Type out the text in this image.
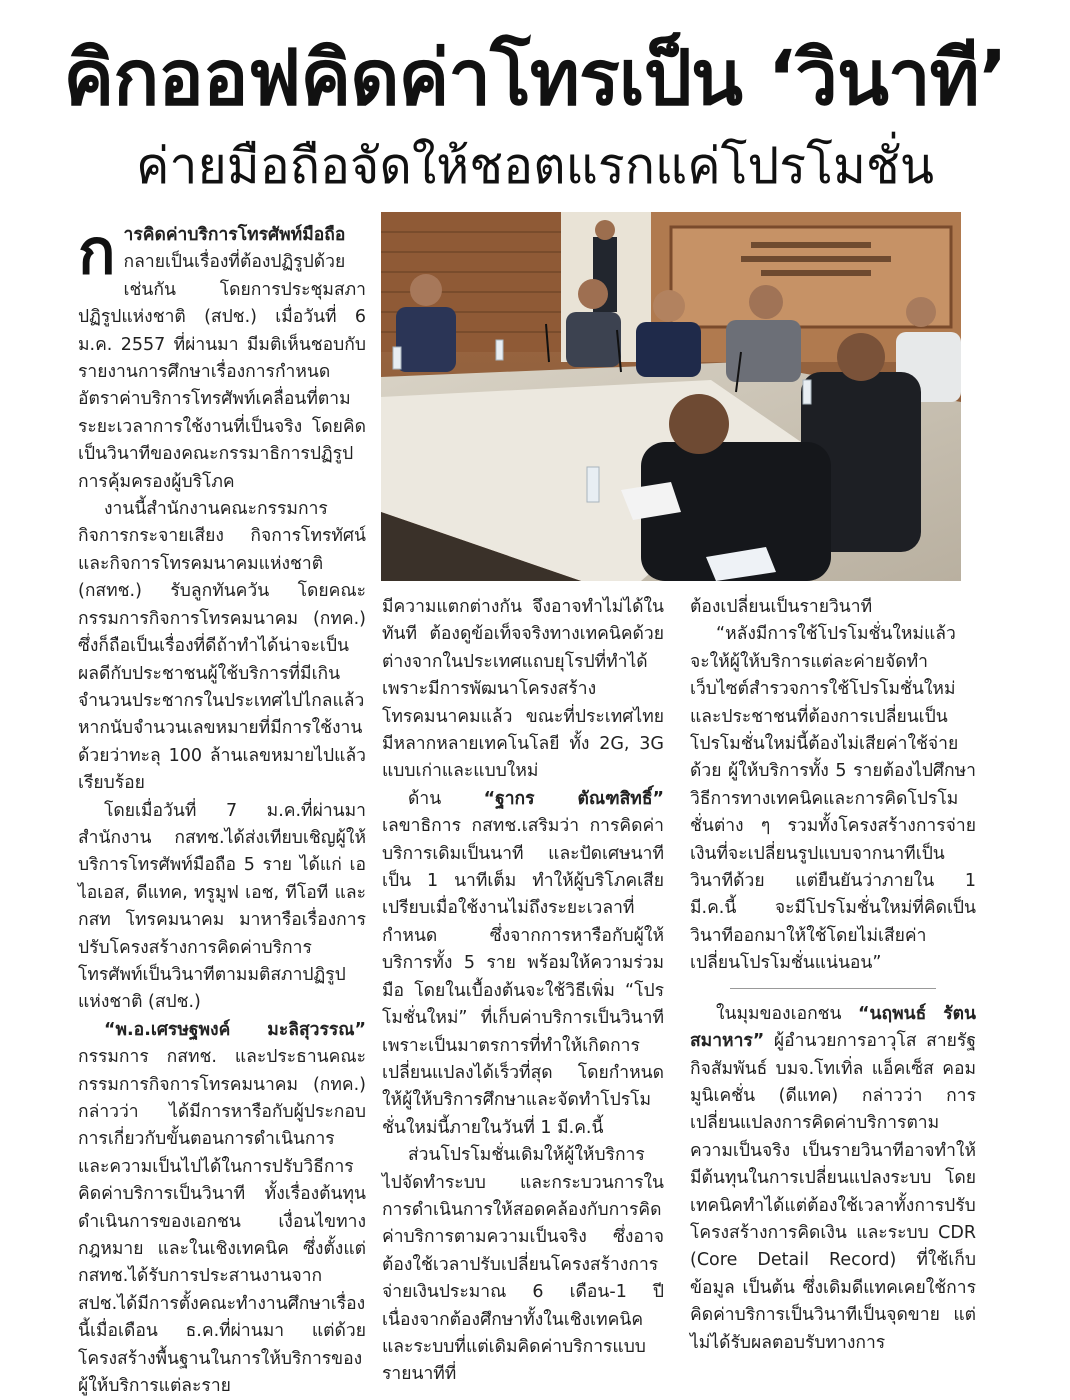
คิกออฟคิดค่าโทรเป็น ‘วินาที’
ค่ายมือถือจัดให้ชอตแรกแค่โปรโมชั่น

การคิดค่าบริการโทรศัพท์มือถือ กลายเป็นเรื่องที่ต้องปฏิรูปด้วยเช่นกัน โดยการประชุมสภาปฏิรูปแห่งชาติ (สปช.) เมื่อวันที่ 6 ม.ค. 2557 ที่ผ่านมา มีมติเห็นชอบกับรายงานการศึกษาเรื่องการกำหนดอัตราค่าบริการโทรศัพท์เคลื่อนที่ตามระยะเวลาการใช้งานที่เป็นจริง โดยคิดเป็นวินาทีของคณะกรรมาธิการปฏิรูปการคุ้มครองผู้บริโภค

งานนี้สำนักงานคณะกรรมการกิจการกระจายเสียง กิจการโทรทัศน์ และกิจการโทรคมนาคมแห่งชาติ (กสทช.) รับลูกทันควัน โดยคณะกรรมการกิจการโทรคมนาคม (กทค.) ซึ่งก็ถือเป็นเรื่องที่ดีถ้าทำได้น่าจะเป็นผลดีกับประชาชนผู้ใช้บริการที่มีเกินจำนวนประชากรในประเทศไปไกลแล้ว หากนับจำนวนเลขหมายที่มีการใช้งานด้วยว่าทะลุ 100 ล้านเลขหมายไปแล้วเรียบร้อย

โดยเมื่อวันที่ 7 ม.ค.ที่ผ่านมา สำนักงาน กสทช.ได้ส่งเทียบเชิญผู้ให้บริการโทรศัพท์มือถือ 5 ราย ได้แก่ เอไอเอส, ดีแทค, ทรูมูฟ เอช, ทีโอที และ กสท โทรคมนาคม มาหารือเรื่องการปรับโครงสร้างการคิดค่าบริการโทรศัพท์เป็นวินาทีตามมติสภาปฏิรูปแห่งชาติ (สปช.)

“พ.อ.เศรษฐพงค์ มะลิสุวรรณ” กรรมการ กสทช. และประธานคณะกรรมการกิจการโทรคมนาคม (กทค.) กล่าวว่า ได้มีการหารือกับผู้ประกอบการเกี่ยวกับขั้นตอนการดำเนินการ และความเป็นไปได้ในการปรับวิธีการคิดค่าบริการเป็นวินาที ทั้งเรื่องต้นทุนดำเนินการของเอกชน เงื่อนไขทางกฎหมาย และในเชิงเทคนิค ซึ่งตั้งแต่ กสทช.ได้รับการประสานงานจาก สปช.ได้มีการตั้งคณะทำงานศึกษาเรื่องนี้เมื่อเดือน ธ.ค.ที่ผ่านมา แต่ด้วยโครงสร้างพื้นฐานในการให้บริการของผู้ให้บริการแต่ละราย

มีความแตกต่างกัน จึงอาจทำไม่ได้ในทันที ต้องดูข้อเท็จจริงทางเทคนิคด้วย ต่างจากในประเทศแถบยุโรปที่ทำได้ เพราะมีการพัฒนาโครงสร้างโทรคมนาคมแล้ว ขณะที่ประเทศไทยมีหลากหลายเทคโนโลยี ทั้ง 2G, 3G แบบเก่าและแบบใหม่

ด้าน “ฐากร ตัณฑสิทธิ์” เลขาธิการ กสทช.เสริมว่า การคิดค่าบริการเดิมเป็นนาที และปัดเศษนาทีเป็น 1 นาทีเต็ม ทำให้ผู้บริโภคเสียเปรียบเมื่อใช้งานไม่ถึงระยะเวลาที่กำหนด ซึ่งจากการหารือกับผู้ให้บริการทั้ง 5 ราย พร้อมให้ความร่วมมือ โดยในเบื้องต้นจะใช้วิธีเพิ่ม “โปรโมชั่นใหม่” ที่เก็บค่าบริการเป็นวินาที เพราะเป็นมาตรการที่ทำให้เกิดการเปลี่ยนแปลงได้เร็วที่สุด โดยกำหนดให้ผู้ให้บริการศึกษาและจัดทำโปรโมชั่นใหม่นี้ภายในวันที่ 1 มี.ค.นี้

ส่วนโปรโมชั่นเดิมให้ผู้ให้บริการไปจัดทำระบบ และกระบวนการในการดำเนินการให้สอดคล้องกับการคิดค่าบริการตามความเป็นจริง ซึ่งอาจต้องใช้เวลาปรับเปลี่ยนโครงสร้างการจ่ายเงินประมาณ 6 เดือน-1 ปี เนื่องจากต้องศึกษาทั้งในเชิงเทคนิคและระบบที่แต่เดิมคิดค่าบริการแบบรายนาทีที่

ต้องเปลี่ยนเป็นรายวินาที

“หลังมีการใช้โปรโมชั่นใหม่แล้ว จะให้ผู้ให้บริการแต่ละค่ายจัดทำเว็บไซต์สำรวจการใช้โปรโมชั่นใหม่ และประชาชนที่ต้องการเปลี่ยนเป็นโปรโมชั่นใหม่นี้ต้องไม่เสียค่าใช้จ่ายด้วย ผู้ให้บริการทั้ง 5 รายต้องไปศึกษาวิธีการทางเทคนิคและการคิดโปรโมชั่นต่าง ๆ รวมทั้งโครงสร้างการจ่ายเงินที่จะเปลี่ยนรูปแบบจากนาทีเป็นวินาทีด้วย แต่ยืนยันว่าภายใน 1 มี.ค.นี้ จะมีโปรโมชั่นใหม่ที่คิดเป็นวินาทีออกมาให้ใช้โดยไม่เสียค่าเปลี่ยนโปรโมชั่นแน่นอน”

ในมุมของเอกชน “นฤพนธ์ รัตนสมาหาร” ผู้อำนวยการอาวุโส สายรัฐกิจสัมพันธ์ บมจ.โทเทิ่ล แอ็คเซ็ส คอมมูนิเคชั่น (ดีแทค) กล่าวว่า การเปลี่ยนแปลงการคิดค่าบริการตามความเป็นจริง เป็นรายวินาทีอาจทำให้มีต้นทุนในการเปลี่ยนแปลงระบบ โดยเทคนิคทำได้แต่ต้องใช้เวลาทั้งการปรับโครงสร้างการคิดเงิน และระบบ CDR (Core Detail Record) ที่ใช้เก็บข้อมูล เป็นต้น ซึ่งเดิมดีแทคเคยใช้การคิดค่าบริการเป็นวินาทีเป็นจุดขาย แต่ไม่ได้รับผลตอบรับทางการ
